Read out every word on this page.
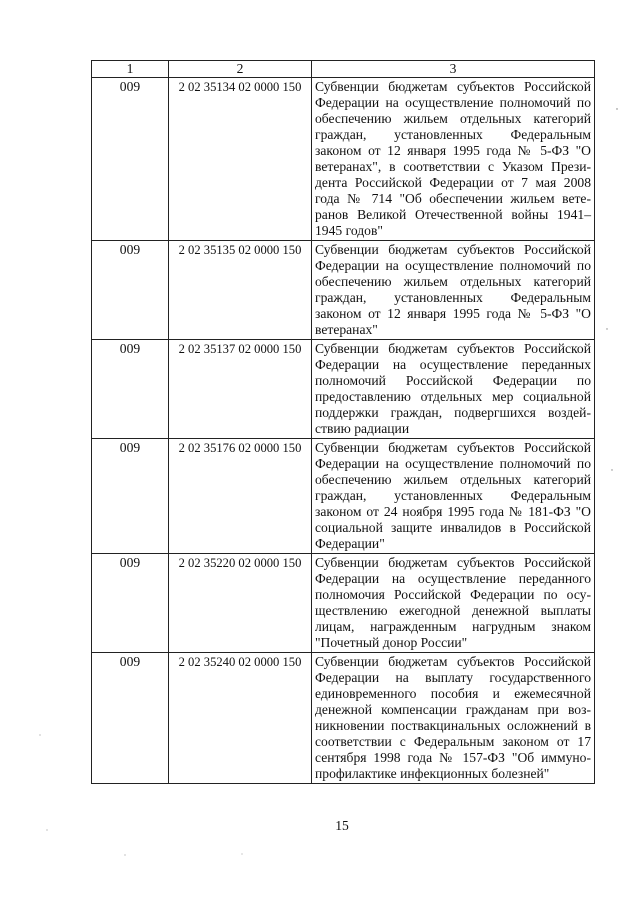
1	2	3
009	2 02 35134 02 0000 150	Субвенции бюджетам субъектов Российской Федерации на осуществление полномочий по обеспечению жильем отдельных категорий граждан, установленных Федеральным законом от 12 января 1995 года № 5-ФЗ "О ветеранах", в соответствии с Указом Президента Российской Федерации от 7 мая 2008 года № 714 "Об обеспечении жильем ветеранов Великой Отечественной войны 1941–1945 годов"
009	2 02 35135 02 0000 150	Субвенции бюджетам субъектов Российской Федерации на осуществление полномочий по обеспечению жильем отдельных категорий граждан, установленных Федеральным законом от 12 января 1995 года № 5-ФЗ "О ветеранах"
009	2 02 35137 02 0000 150	Субвенции бюджетам субъектов Российской Федерации на осуществление переданных полномочий Российской Федерации по предоставлению отдельных мер социальной поддержки граждан, подвергшихся воздействию радиации
009	2 02 35176 02 0000 150	Субвенции бюджетам субъектов Российской Федерации на осуществление полномочий по обеспечению жильем отдельных категорий граждан, установленных Федеральным законом от 24 ноября 1995 года № 181-ФЗ "О социальной защите инвалидов в Российской Федерации"
009	2 02 35220 02 0000 150	Субвенции бюджетам субъектов Российской Федерации на осуществление переданного полномочия Российской Федерации по осуществлению ежегодной денежной выплаты лицам, награжденным нагрудным знаком "Почетный донор России"
009	2 02 35240 02 0000 150	Субвенции бюджетам субъектов Российской Федерации на выплату государственного единовременного пособия и ежемесячной денежной компенсации гражданам при возникновении поствакцинальных осложнений в соответствии с Федеральным законом от 17 сентября 1998 года № 157-ФЗ "Об иммунопрофилактике инфекционных болезней"
15
